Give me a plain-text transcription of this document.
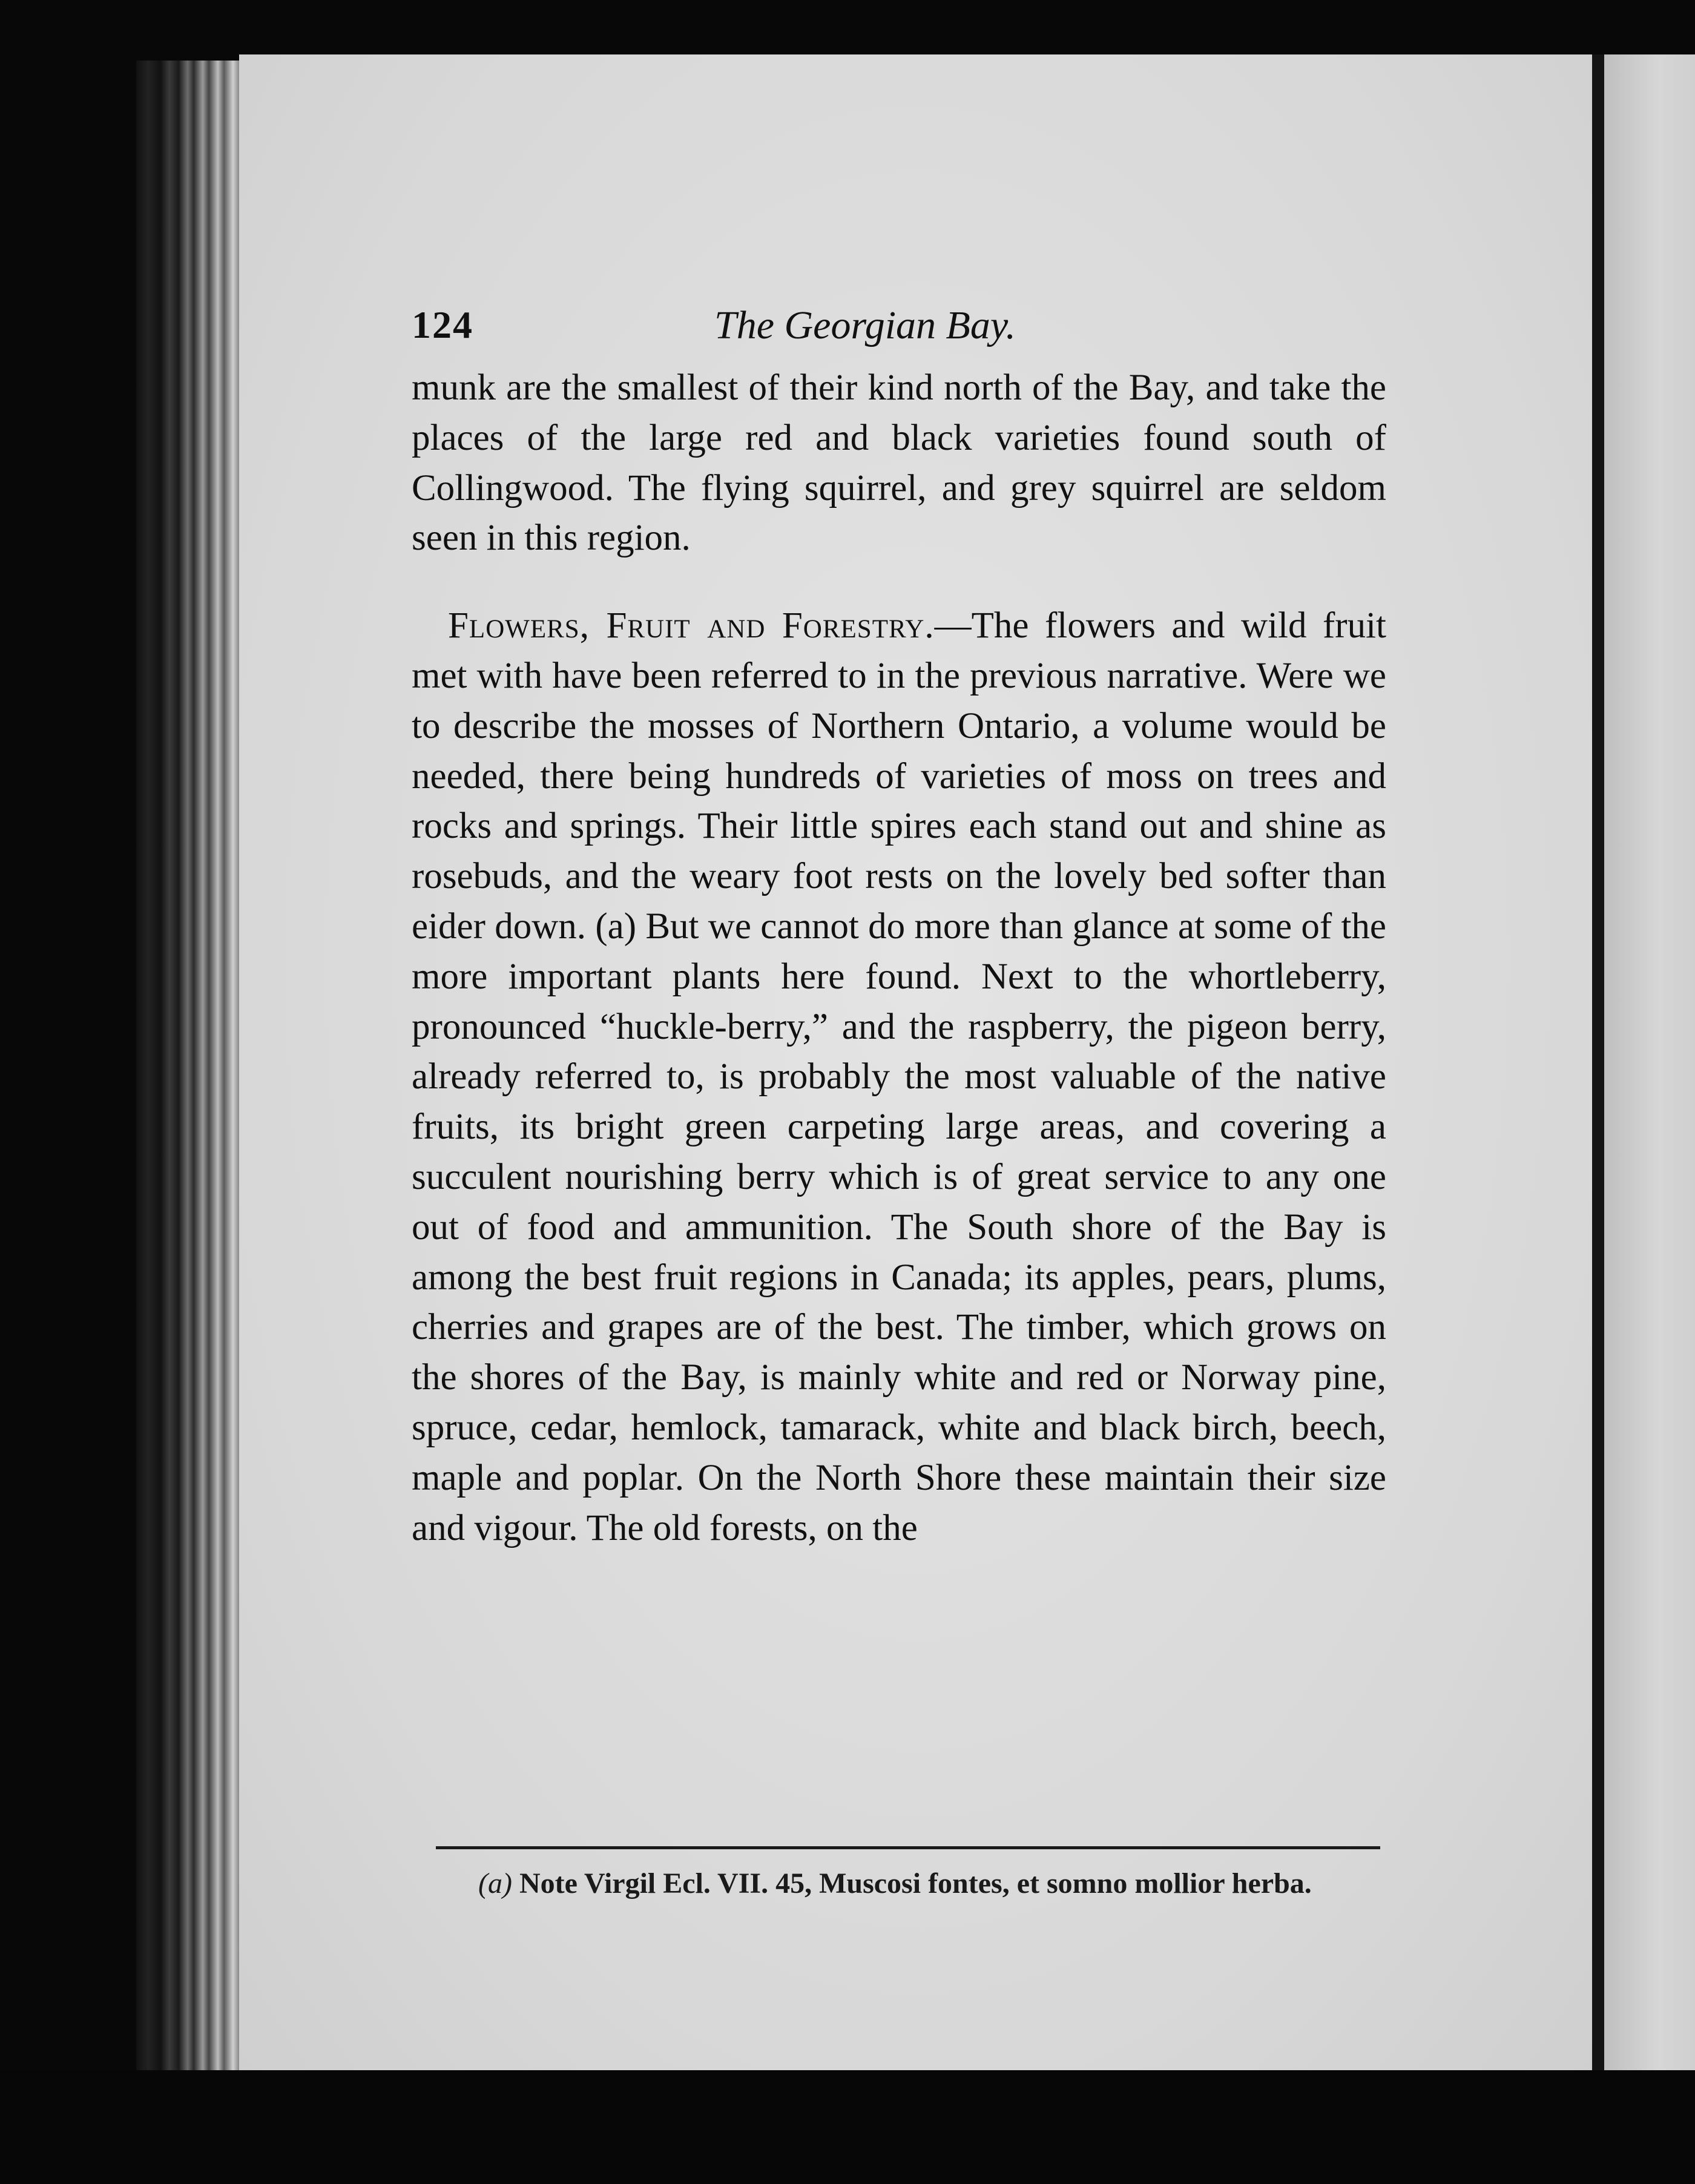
124	The Georgian Bay.

munk are the smallest of their kind north of the Bay, and take the places of the large red and black varieties found south of Collingwood. The flying squirrel, and grey squirrel are seldom seen in this region.

Flowers, Fruit and Forestry.—The flowers and wild fruit met with have been referred to in the previous narrative. Were we to describe the mosses of Northern Ontario, a volume would be needed, there being hundreds of varieties of moss on trees and rocks and springs. Their little spires each stand out and shine as rosebuds, and the weary foot rests on the lovely bed softer than eider down. (a) But we cannot do more than glance at some of the more important plants here found. Next to the whortleberry, pronounced “huckle-berry,” and the raspberry, the pigeon berry, already referred to, is probably the most valuable of the native fruits, its bright green carpeting large areas, and covering a succulent nourishing berry which is of great service to any one out of food and ammunition. The South shore of the Bay is among the best fruit regions in Canada; its apples, pears, plums, cherries and grapes are of the best. The timber, which grows on the shores of the Bay, is mainly white and red or Norway pine, spruce, cedar, hemlock, tamarack, white and black birch, beech, maple and poplar. On the North Shore these maintain their size and vigour. The old forests, on the

(a) Note Virgil Ecl. VII. 45, Muscosi fontes, et somno mollior herba.
